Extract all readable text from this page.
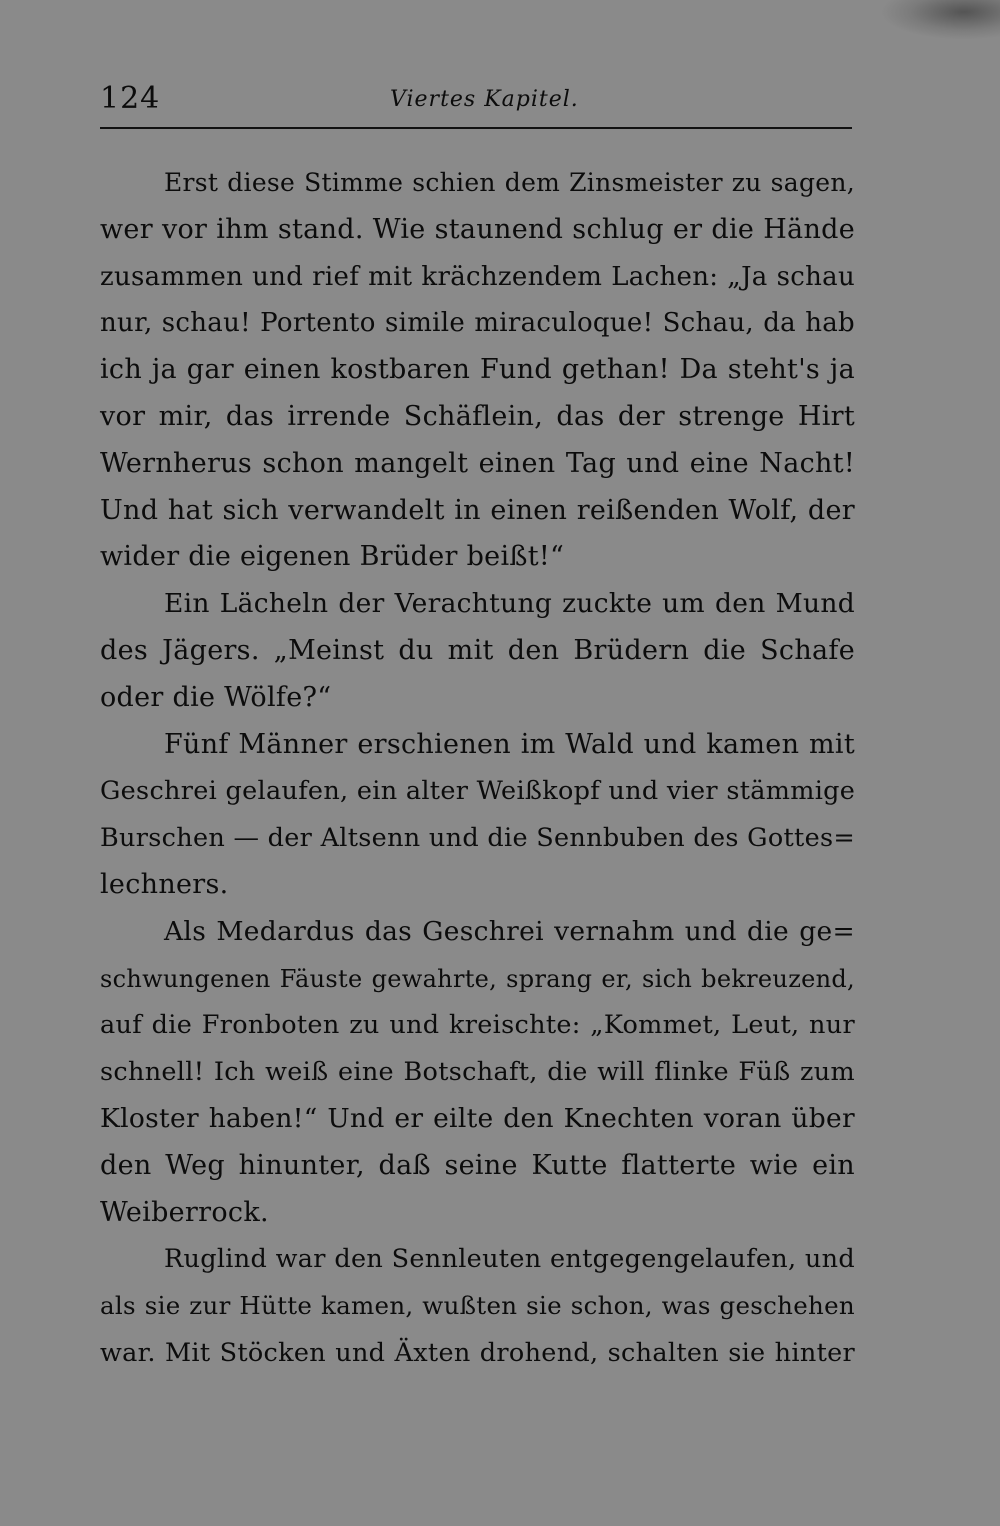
124	Viertes Kapitel.

Erst diese Stimme schien dem Zinsmeister zu sagen,
wer vor ihm stand. Wie staunend schlug er die Hände
zusammen und rief mit krächzendem Lachen: „Ja schau
nur, schau! Portento simile miraculoque! Schau, da hab
ich ja gar einen kostbaren Fund gethan! Da steht's ja
vor mir, das irrende Schäflein, das der strenge Hirt
Wernherus schon mangelt einen Tag und eine Nacht!
Und hat sich verwandelt in einen reißenden Wolf, der
wider die eigenen Brüder beißt!“

Ein Lächeln der Verachtung zuckte um den Mund
des Jägers. „Meinst du mit den Brüdern die Schafe
oder die Wölfe?“

Fünf Männer erschienen im Wald und kamen mit
Geschrei gelaufen, ein alter Weißkopf und vier stämmige
Burschen — der Altsenn und die Sennbuben des Gottes=
lechners.

Als Medardus das Geschrei vernahm und die ge=
schwungenen Fäuste gewahrte, sprang er, sich bekreuzend,
auf die Fronboten zu und kreischte: „Kommet, Leut, nur
schnell! Ich weiß eine Botschaft, die will flinke Füß zum
Kloster haben!“ Und er eilte den Knechten voran über
den Weg hinunter, daß seine Kutte flatterte wie ein
Weiberrock.

Ruglind war den Sennleuten entgegengelaufen, und
als sie zur Hütte kamen, wußten sie schon, was geschehen
war. Mit Stöcken und Äxten drohend, schalten sie hinter
